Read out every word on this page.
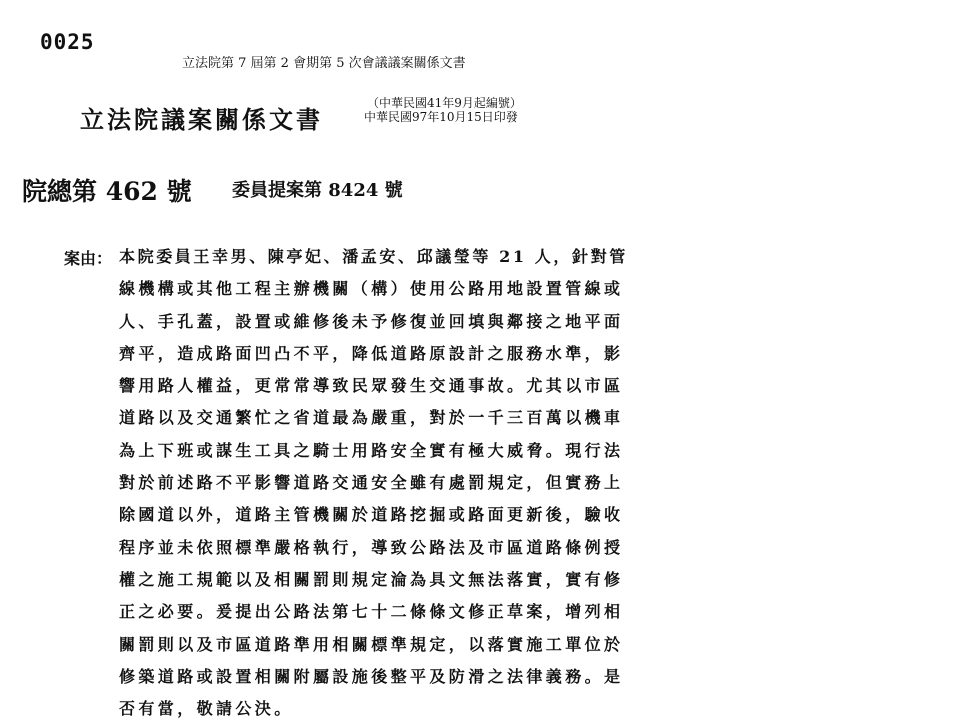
0025
立法院第 7 屆第 2 會期第 5 次會議議案關係文書
立法院議案關係文書
（中華民國41年9月起編號）
中華民國97年10月15日印發
院總第 462 號 委員提案第 8424 號
案由： 本院委員王幸男、陳亭妃、潘孟安、邱議瑩等 21 人，針對管
線機構或其他工程主辦機關（構）使用公路用地設置管線或
人、手孔蓋，設置或維修後未予修復並回填與鄰接之地平面
齊平，造成路面凹凸不平，降低道路原設計之服務水準，影
響用路人權益，更常常導致民眾發生交通事故。尤其以市區
道路以及交通繁忙之省道最為嚴重，對於一千三百萬以機車
為上下班或謀生工具之騎士用路安全實有極大威脅。現行法
對於前述路不平影響道路交通安全雖有處罰規定，但實務上
除國道以外，道路主管機關於道路挖掘或路面更新後，驗收
程序並未依照標準嚴格執行，導致公路法及市區道路條例授
權之施工規範以及相關罰則規定淪為具文無法落實，實有修
正之必要。爰提出公路法第七十二條條文修正草案，增列相
關罰則以及市區道路準用相關標準規定，以落實施工單位於
修築道路或設置相關附屬設施後整平及防滑之法律義務。是
否有當，敬請公決。
